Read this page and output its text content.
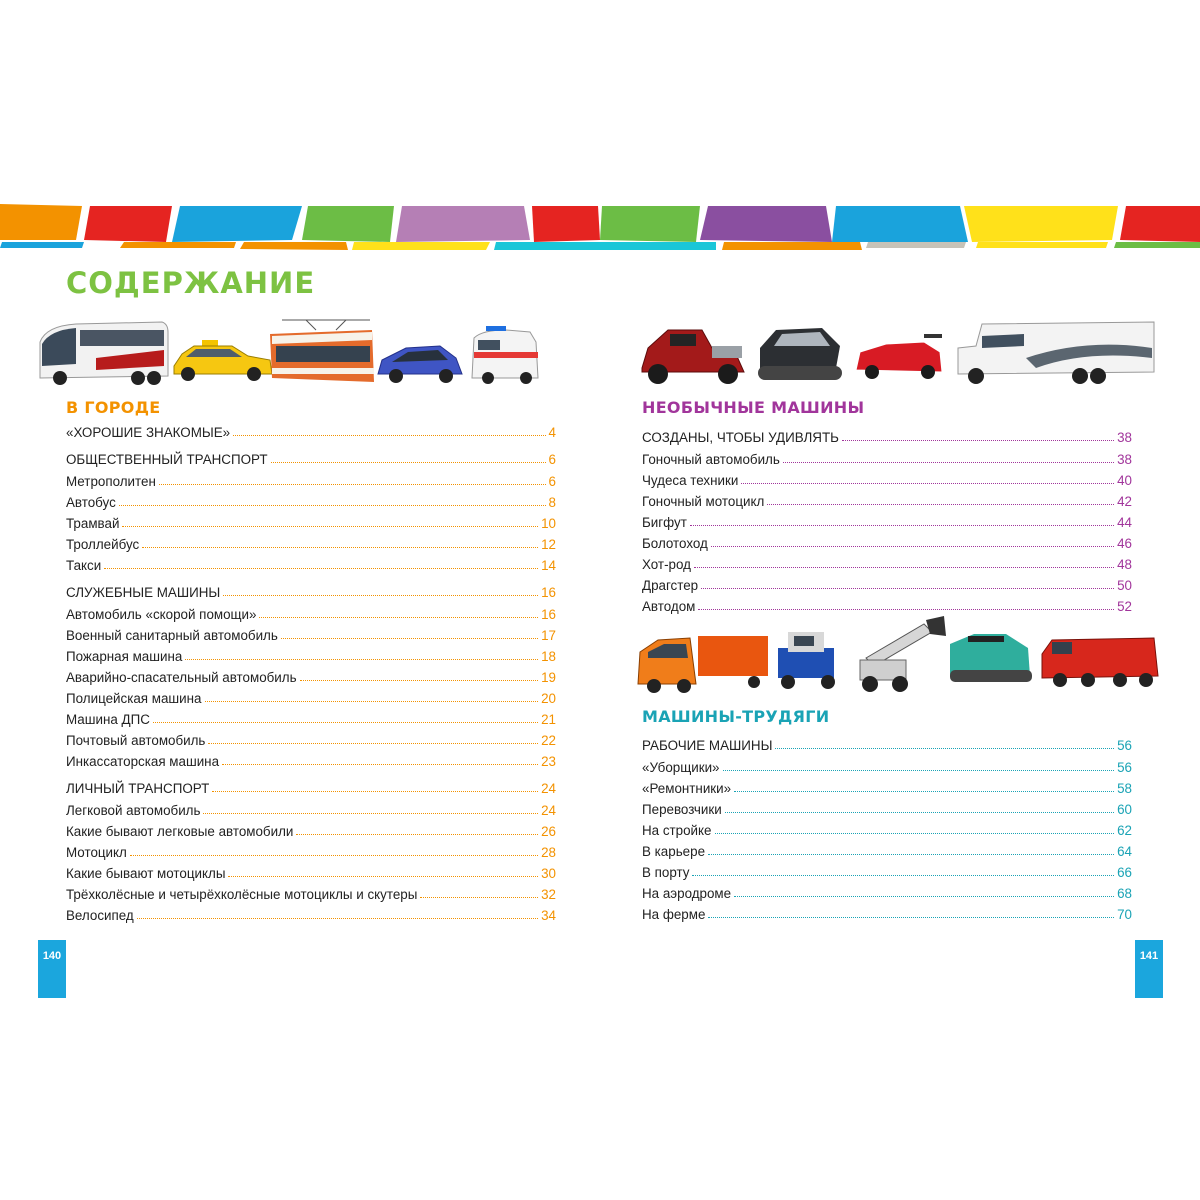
СОДЕРЖАНИЕ
В ГОРОДЕ
«ХОРОШИЕ ЗНАКОМЫЕ»	4
ОБЩЕСТВЕННЫЙ ТРАНСПОРТ	6
Метрополитен	6
Автобус	8
Трамвай	10
Троллейбус	12
Такси	14
СЛУЖЕБНЫЕ МАШИНЫ	16
Автомобиль «скорой помощи»	16
Военный санитарный автомобиль	17
Пожарная машина	18
Аварийно-спасательный автомобиль	19
Полицейская машина	20
Машина ДПС	21
Почтовый автомобиль	22
Инкассаторская машина	23
ЛИЧНЫЙ ТРАНСПОРТ	24
Легковой автомобиль	24
Какие бывают легковые автомобили	26
Мотоцикл	28
Какие бывают мотоциклы	30
Трёхколёсные и четырёхколёсные мотоциклы и скутеры	32
Велосипед	34
140
НЕОБЫЧНЫЕ МАШИНЫ
СОЗДАНЫ, ЧТОБЫ УДИВЛЯТЬ	38
Гоночный автомобиль	38
Чудеса техники	40
Гоночный мотоцикл	42
Бигфут	44
Болотоход	46
Хот-род	48
Драгстер	50
Автодом	52
МАШИНЫ-ТРУДЯГИ
РАБОЧИЕ МАШИНЫ	56
«Уборщики»	56
«Ремонтники»	58
Перевозчики	60
На стройке	62
В карьере	64
В порту	66
На аэродроме	68
На ферме	70
141
